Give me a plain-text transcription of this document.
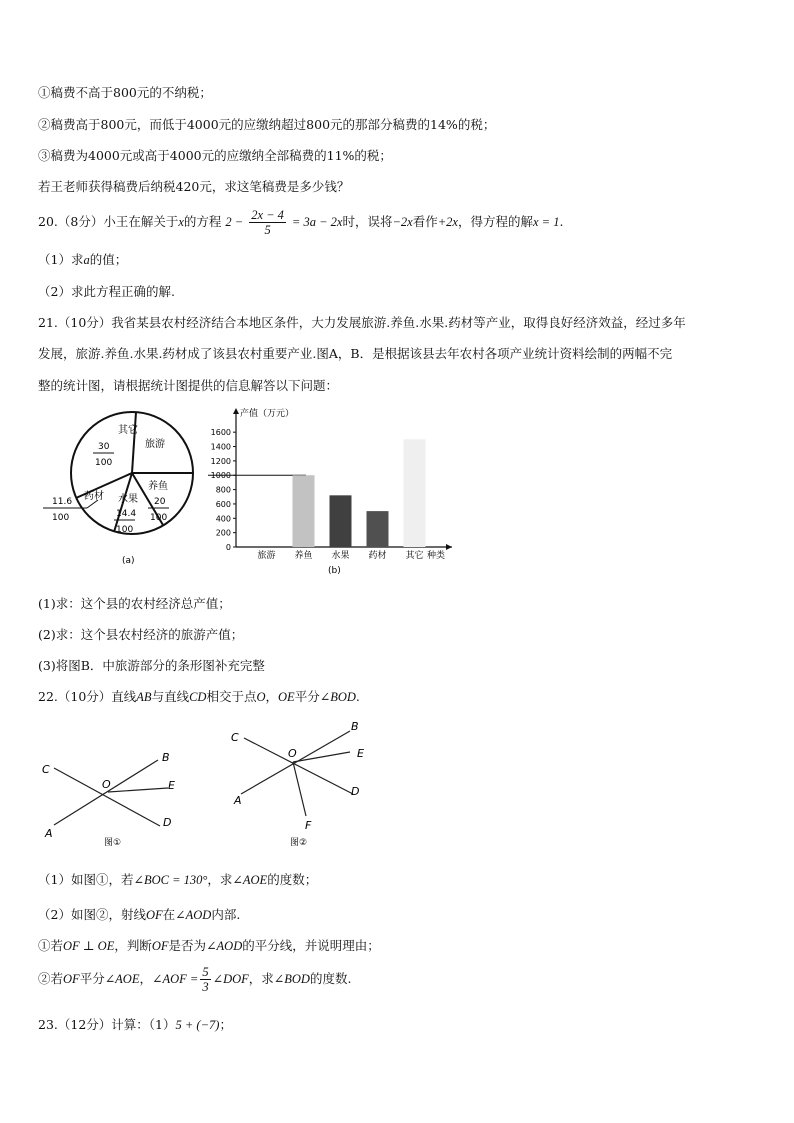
①稿费不高于800元的不纳税；
②稿费高于800元，而低于4000元的应缴纳超过800元的那部分稿费的14%的税；
③稿费为4000元或高于4000元的应缴纳全部稿费的11%的税；
若王老师获得稿费后纳税420元，求这笔稿费是多少钱？
20.（8分）小王在解关于x的方程 $2 - \frac{2x - 4}{5} = 3a - 2x$时，误将−2x看作+2x，得方程的解x = 1.
（1）求a的值；
（2）求此方程正确的解.
21.（10分）我省某县农村经济结合本地区条件，大力发展旅游.养鱼.水果.药材等产业，取得良好经济效益，经过多年
发展，旅游.养鱼.水果.药材成了该县农村重要产业.图A，B．是根据该县去年农村各项产业统计资料绘制的两幅不完
整的统计图，请根据统计图提供的信息解答以下问题：
其它
30
100
旅游
养鱼
20
100
水果
14.4
100
药材
11.6
100
(a)
0
200
400
600
800
1000
1200
1400
1600
旅游 养鱼 水果 药材 其它
产值（万元）
种类
(b)
(1)求：这个县的农村经济总产值；
(2)求：这个县农村经济的旅游产值；
(3)将图B．中旅游部分的条形图补充完整
22.（10分）直线AB与直线CD相交于点O，OE平分∠BOD.
C
B
E
D
A
O
图①
C
B
E
D
A
O
F
图②
（1）如图①，若∠BOC = 130°，求∠AOE的度数；
（2）如图②，射线OF在∠AOD内部.
①若OF ⊥ OE，判断OF是否为∠AOD的平分线，并说明理由；
②若OF平分∠AOE，∠AOF = $\frac{5}{3}$ ∠DOF，求∠BOD的度数.
23.（12分）计算：（1）5 + (−7)；
